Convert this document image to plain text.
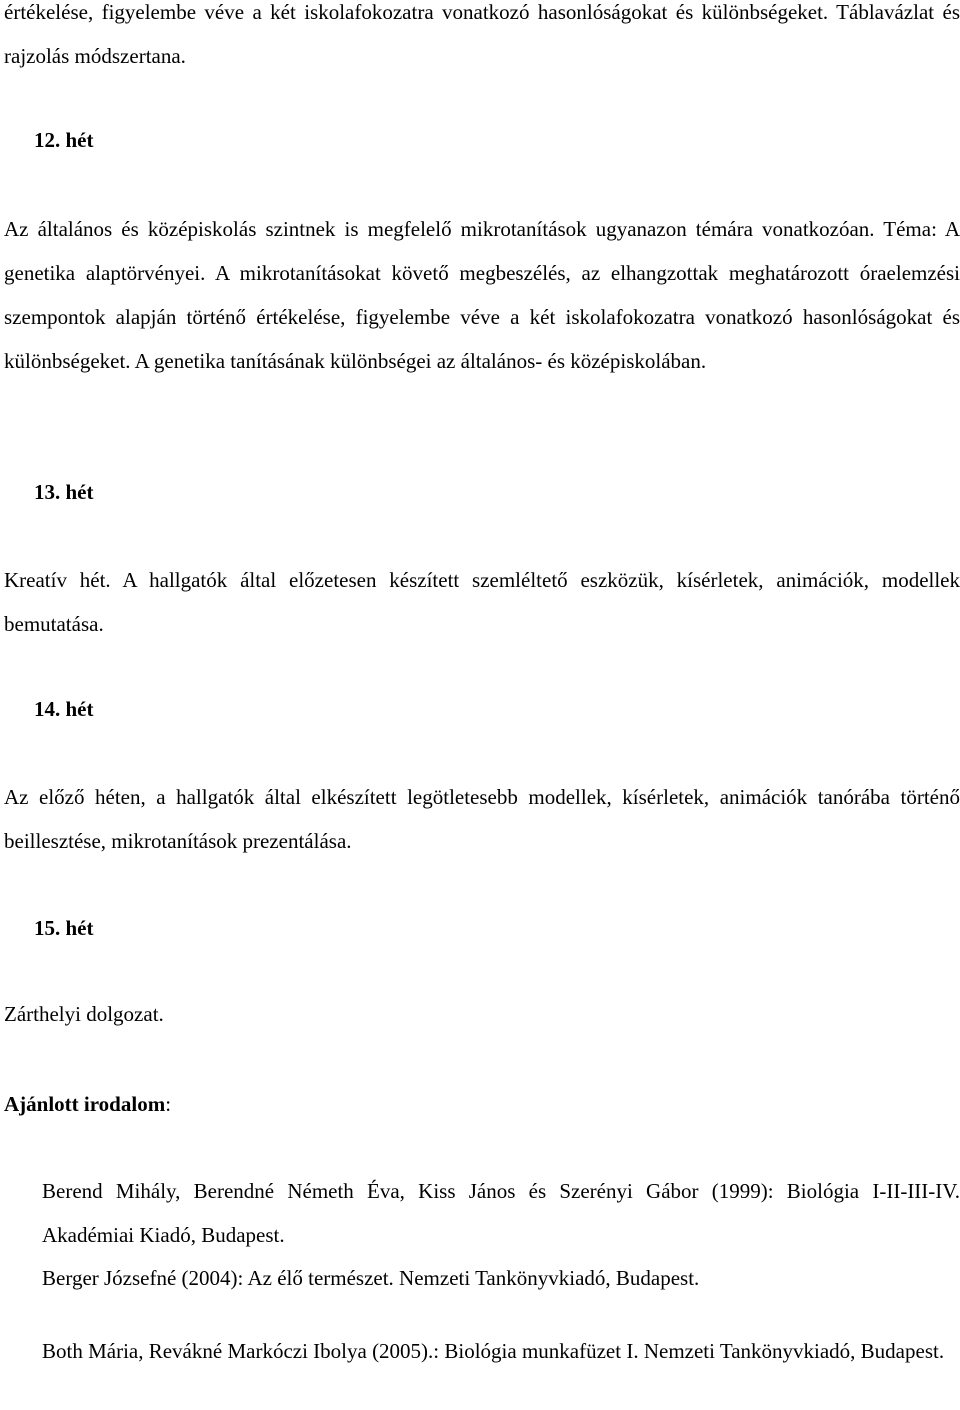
értékelése, figyelembe véve a két iskolafokozatra vonatkozó hasonlóságokat és különbségeket. Táblavázlat és rajzolás módszertana.

12. hét

Az általános és középiskolás szintnek is megfelelő mikrotanítások ugyanazon témára vonatkozóan. Téma: A genetika alaptörvényei. A mikrotanításokat követő megbeszélés, az elhangzottak meghatározott óraelemzési szempontok alapján történő értékelése, figyelembe véve a két iskolafokozatra vonatkozó hasonlóságokat és különbségeket. A genetika tanításának különbségei az általános- és középiskolában.

13. hét

Kreatív hét. A hallgatók által előzetesen készített szemléltető eszközük, kísérletek, animációk, modellek bemutatása.

14. hét

Az előző héten, a hallgatók által elkészített legötletesebb modellek, kísérletek, animációk tanórába történő beillesztése, mikrotanítások prezentálása.

15. hét

Zárthelyi dolgozat.

Ajánlott irodalom:

Berend Mihály, Berendné Németh Éva, Kiss János és Szerényi Gábor (1999): Biológia I-II-III-IV. Akadémiai Kiadó, Budapest.

Berger Józsefné (2004): Az élő természet. Nemzeti Tankönyvkiadó, Budapest.

Both Mária, Revákné Markóczi Ibolya (2005).: Biológia munkafüzet I. Nemzeti Tankönyvkiadó, Budapest.
